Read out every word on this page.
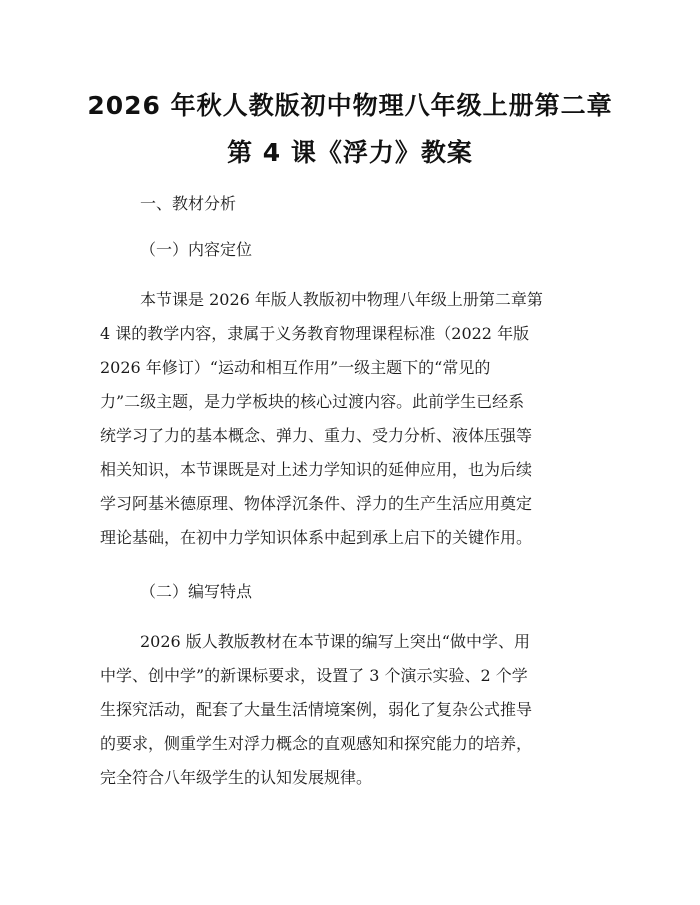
2026 年秋人教版初中物理八年级上册第二章
第 4 课《浮力》教案
一、教材分析
（一）内容定位
本节课是 2026 年版人教版初中物理八年级上册第二章第
4 课的教学内容，隶属于义务教育物理课程标准（2022 年版
2026 年修订）“运动和相互作用”一级主题下的“常见的
力”二级主题，是力学板块的核心过渡内容。此前学生已经系
统学习了力的基本概念、弹力、重力、受力分析、液体压强等
相关知识，本节课既是对上述力学知识的延伸应用，也为后续
学习阿基米德原理、物体浮沉条件、浮力的生产生活应用奠定
理论基础，在初中力学知识体系中起到承上启下的关键作用。
（二）编写特点
2026 版人教版教材在本节课的编写上突出“做中学、用
中学、创中学”的新课标要求，设置了 3 个演示实验、2 个学
生探究活动，配套了大量生活情境案例，弱化了复杂公式推导
的要求，侧重学生对浮力概念的直观感知和探究能力的培养，
完全符合八年级学生的认知发展规律。
